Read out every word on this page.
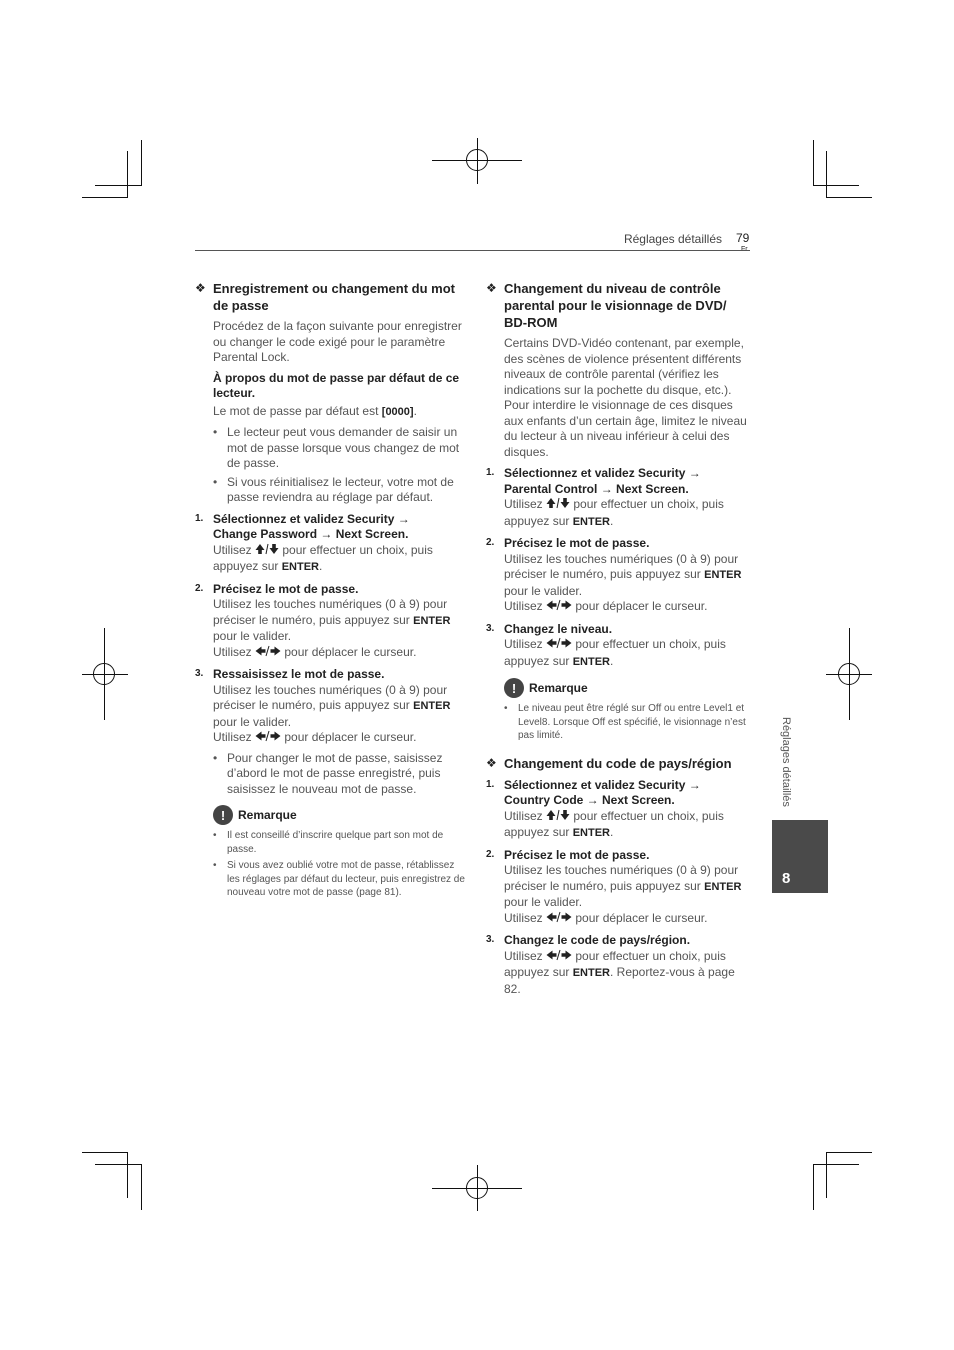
Réglages détaillés 79
❖ Enregistrement ou changement du mot de passe
Procédez de la façon suivante pour enregistrer ou changer le code exigé pour le paramètre Parental Lock.
À propos du mot de passe par défaut de ce lecteur.
Le mot de passe par défaut est [0000].
• Le lecteur peut vous demander de saisir un mot de passe lorsque vous changez de mot de passe.
• Si vous réinitialisez le lecteur, votre mot de passe reviendra au réglage par défaut.
1. Sélectionnez et validez Security →
Change Password → Next Screen.
Utilisez  pour effectuer un choix, puis appuyez sur ENTER.
2. Précisez le mot de passe.
Utilisez les touches numériques (0 à 9) pour préciser le numéro, puis appuyez sur ENTER pour le valider.
Utilisez  pour déplacer le curseur.
3. Ressaisissez le mot de passe.
Utilisez les touches numériques (0 à 9) pour préciser le numéro, puis appuyez sur ENTER pour le valider.
Utilisez  pour déplacer le curseur.
• Pour changer le mot de passe, saisissez d’abord le mot de passe enregistré, puis saisissez le nouveau mot de passe.
!	Remarque
• Il est conseillé d’inscrire quelque part son mot de passe.
• Si vous avez oublié votre mot de passe, rétablissez les réglages par défaut du lecteur, puis enregistrez de nouveau votre mot de passe (page 81).
❖ Changement du niveau de contrôle parental pour le visionnage de DVD/ BD-ROM
Certains DVD-Vidéo contenant, par exemple, des scènes de violence présentent différents niveaux de contrôle parental (vérifiez les indications sur la pochette du disque, etc.). Pour interdire le visionnage de ces disques aux enfants d’un certain âge, limitez le niveau du lecteur à un niveau inférieur à celui des disques.
1. Sélectionnez et validez Security →
Parental Control → Next Screen.
Utilisez  pour effectuer un choix, puis appuyez sur ENTER.
2. Précisez le mot de passe.
Utilisez les touches numériques (0 à 9) pour préciser le numéro, puis appuyez sur ENTER pour le valider.
Utilisez  pour déplacer le curseur.
3. Changez le niveau.
Utilisez  pour effectuer un choix, puis appuyez sur ENTER.
!	Remarque
• Le niveau peut être réglé sur Off ou entre Level1 et Level8. Lorsque Off est spécifié, le visionnage n’est pas limité.
❖ Changement du code de pays/région
1. Sélectionnez et validez Security →
Country Code → Next Screen.
Utilisez  pour effectuer un choix, puis appuyez sur ENTER.
2. Précisez le mot de passe.
Utilisez les touches numériques (0 à 9) pour préciser le numéro, puis appuyez sur ENTER pour le valider.
Utilisez  pour déplacer le curseur.
3. Changez le code de pays/région.
Utilisez  pour effectuer un choix, puis appuyez sur ENTER. Reportez-vous à page 82.
Réglages détaillés
8
